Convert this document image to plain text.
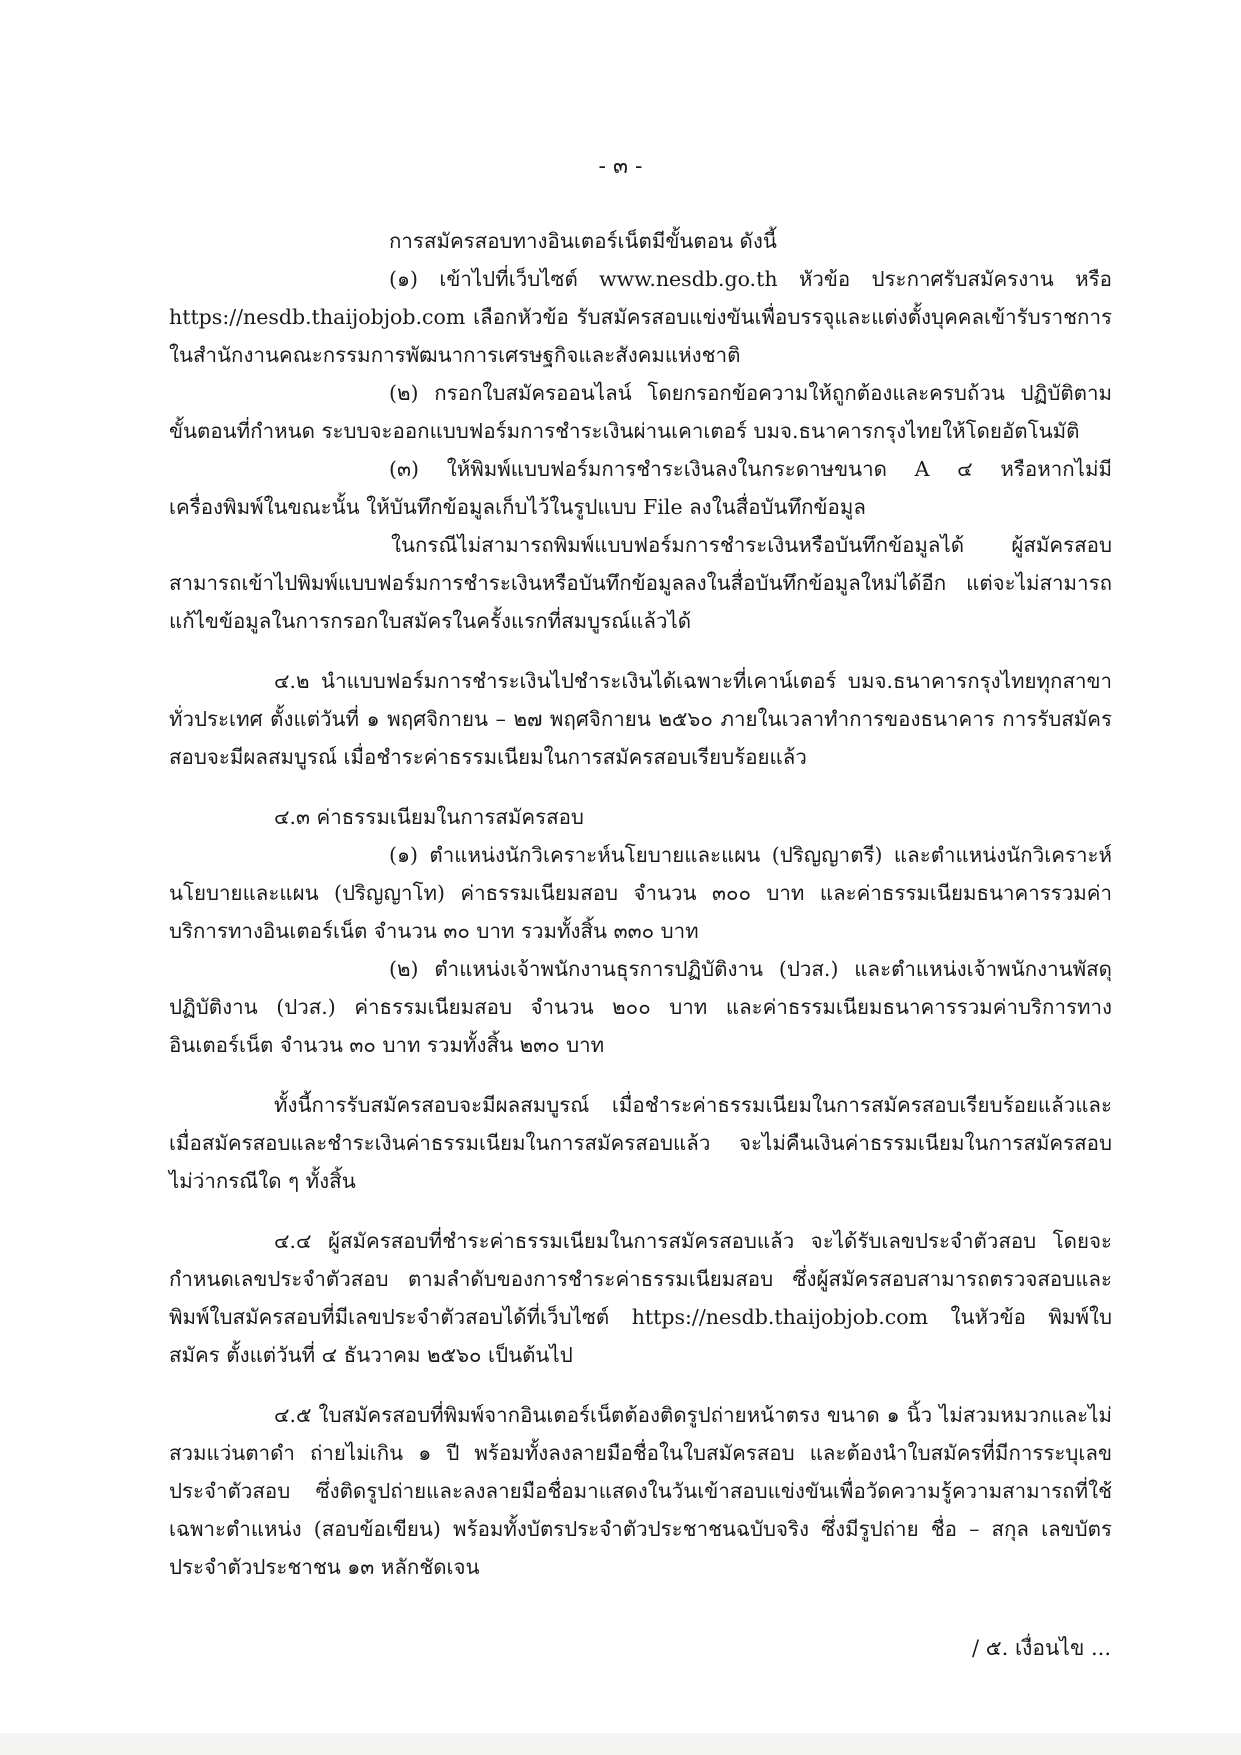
- ๓ -

การสมัครสอบทางอินเตอร์เน็ตมีขั้นตอน ดังนี้

(๑) เข้าไปที่เว็บไซต์ www.nesdb.go.th หัวข้อ ประกาศรับสมัครงาน หรือ https://nesdb.thaijobjob.com เลือกหัวข้อ รับสมัครสอบแข่งขันเพื่อบรรจุและแต่งตั้งบุคคลเข้ารับราชการในสำนักงานคณะกรรมการพัฒนาการเศรษฐกิจและสังคมแห่งชาติ

(๒) กรอกใบสมัครออนไลน์ โดยกรอกข้อความให้ถูกต้องและครบถ้วน ปฏิบัติตามขั้นตอนที่กำหนด ระบบจะออกแบบฟอร์มการชำระเงินผ่านเคาเตอร์ บมจ.ธนาคารกรุงไทยให้โดยอัตโนมัติ

(๓) ให้พิมพ์แบบฟอร์มการชำระเงินลงในกระดาษขนาด A ๔ หรือหากไม่มีเครื่องพิมพ์ในขณะนั้น ให้บันทึกข้อมูลเก็บไว้ในรูปแบบ File ลงในสื่อบันทึกข้อมูล

ในกรณีไม่สามารถพิมพ์แบบฟอร์มการชำระเงินหรือบันทึกข้อมูลได้ ผู้สมัครสอบสามารถเข้าไปพิมพ์แบบฟอร์มการชำระเงินหรือบันทึกข้อมูลลงในสื่อบันทึกข้อมูลใหม่ได้อีก แต่จะไม่สามารถแก้ไขข้อมูลในการกรอกใบสมัครในครั้งแรกที่สมบูรณ์แล้วได้

๔.๒ นำแบบฟอร์มการชำระเงินไปชำระเงินได้เฉพาะที่เคาน์เตอร์ บมจ.ธนาคารกรุงไทยทุกสาขาทั่วประเทศ ตั้งแต่วันที่ ๑ พฤศจิกายน – ๒๗ พฤศจิกายน ๒๕๖๐ ภายในเวลาทำการของธนาคาร การรับสมัครสอบจะมีผลสมบูรณ์ เมื่อชำระค่าธรรมเนียมในการสมัครสอบเรียบร้อยแล้ว

๔.๓ ค่าธรรมเนียมในการสมัครสอบ

(๑) ตำแหน่งนักวิเคราะห์นโยบายและแผน (ปริญญาตรี) และตำแหน่งนักวิเคราะห์นโยบายและแผน (ปริญญาโท) ค่าธรรมเนียมสอบ จำนวน ๓๐๐ บาท และค่าธรรมเนียมธนาคารรวมค่าบริการทางอินเตอร์เน็ต จำนวน ๓๐ บาท รวมทั้งสิ้น ๓๓๐ บาท

(๒) ตำแหน่งเจ้าพนักงานธุรการปฏิบัติงาน (ปวส.) และตำแหน่งเจ้าพนักงานพัสดุปฏิบัติงาน (ปวส.) ค่าธรรมเนียมสอบ จำนวน ๒๐๐ บาท และค่าธรรมเนียมธนาคารรวมค่าบริการทางอินเตอร์เน็ต จำนวน ๓๐ บาท รวมทั้งสิ้น ๒๓๐ บาท

ทั้งนี้การรับสมัครสอบจะมีผลสมบูรณ์ เมื่อชำระค่าธรรมเนียมในการสมัครสอบเรียบร้อยแล้วและเมื่อสมัครสอบและชำระเงินค่าธรรมเนียมในการสมัครสอบแล้ว จะไม่คืนเงินค่าธรรมเนียมในการสมัครสอบไม่ว่ากรณีใด ๆ ทั้งสิ้น

๔.๔ ผู้สมัครสอบที่ชำระค่าธรรมเนียมในการสมัครสอบแล้ว จะได้รับเลขประจำตัวสอบ โดยจะกำหนดเลขประจำตัวสอบ ตามลำดับของการชำระค่าธรรมเนียมสอบ ซึ่งผู้สมัครสอบสามารถตรวจสอบและพิมพ์ใบสมัครสอบที่มีเลขประจำตัวสอบได้ที่เว็บไซต์ https://nesdb.thaijobjob.com ในหัวข้อ พิมพ์ใบสมัคร ตั้งแต่วันที่ ๔ ธันวาคม ๒๕๖๐ เป็นต้นไป

๔.๕ ใบสมัครสอบที่พิมพ์จากอินเตอร์เน็ตต้องติดรูปถ่ายหน้าตรง ขนาด ๑ นิ้ว ไม่สวมหมวกและไม่สวมแว่นตาดำ ถ่ายไม่เกิน ๑ ปี พร้อมทั้งลงลายมือชื่อในใบสมัครสอบ และต้องนำใบสมัครที่มีการระบุเลขประจำตัวสอบ ซึ่งติดรูปถ่ายและลงลายมือชื่อมาแสดงในวันเข้าสอบแข่งขันเพื่อวัดความรู้ความสามารถที่ใช้เฉพาะตำแหน่ง (สอบข้อเขียน) พร้อมทั้งบัตรประจำตัวประชาชนฉบับจริง ซึ่งมีรูปถ่าย ชื่อ – สกุล เลขบัตรประจำตัวประชาชน ๑๓ หลักชัดเจน

/ ๕. เงื่อนไข ...
